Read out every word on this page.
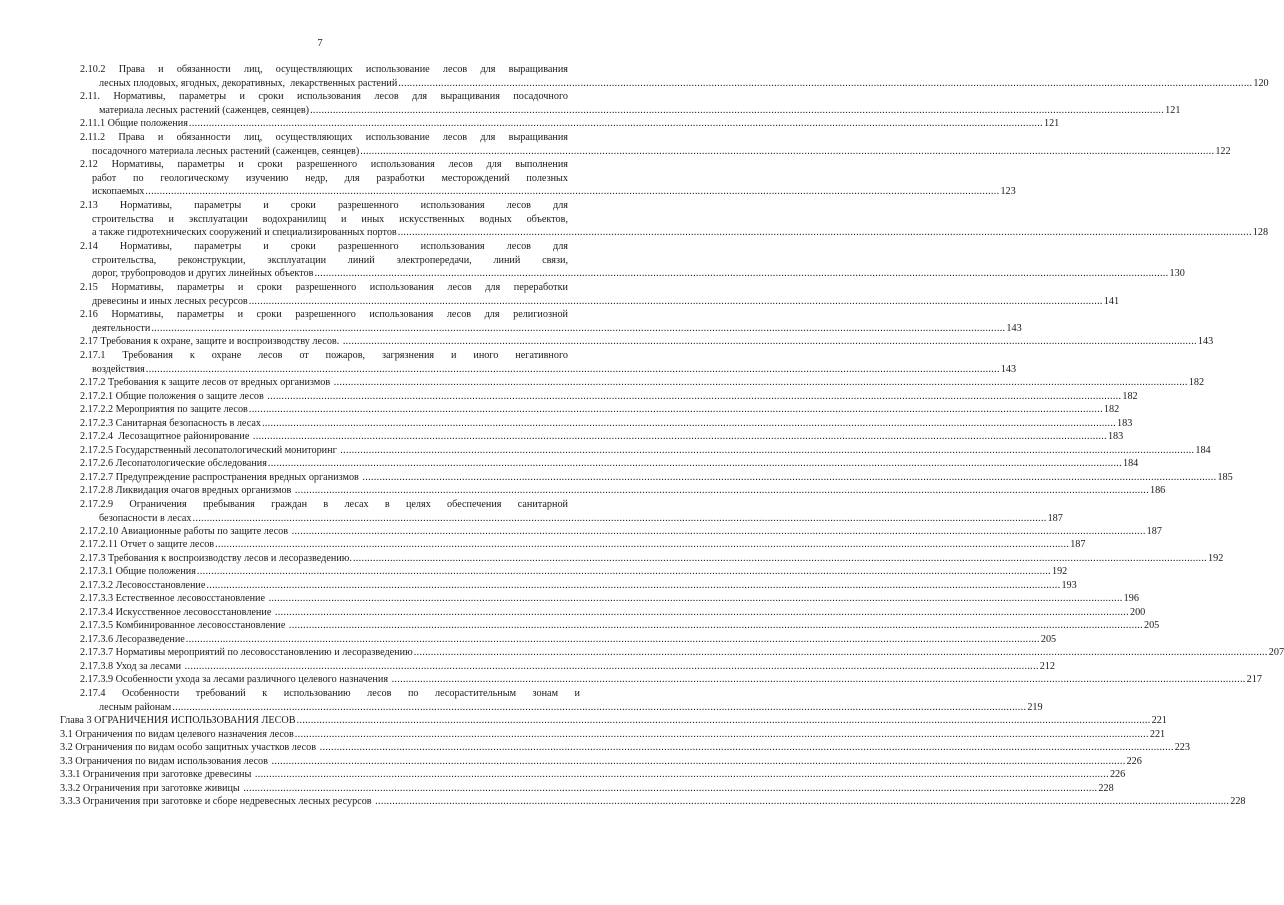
7
2.10.2 Права и обязанности лиц, осуществляющих использование лесов для выращивания
лесных плодовых, ягодных, декоративных,  лекарственных растений ............................................................................................................................................................................................................................................................................................................ 120
2.11. Нормативы, параметры и сроки использования лесов для выращивания посадочного
материала лесных растений (саженцев, сеянцев) ............................................................................................................................................................................................................................................................................................................ 121
2.11.1 Общие положения ............................................................................................................................................................................................................................................................................................................ 121
2.11.2 Права и обязанности лиц, осуществляющих использование лесов для выращивания
посадочного материала лесных растений (саженцев, сеянцев) ............................................................................................................................................................................................................................................................................................................ 122
2.12 Нормативы, параметры и сроки разрешенного использования лесов для выполнения
работ по геологическому изучению недр, для разработки месторождений полезных
ископаемых ............................................................................................................................................................................................................................................................................................................ 123
2.13 Нормативы, параметры и сроки разрешенного использования лесов для
строительства и эксплуатации водохранилищ и иных искусственных водных объектов,
а также гидротехнических сооружений и специализированных портов ............................................................................................................................................................................................................................................................................................................ 128
2.14 Нормативы, параметры и сроки разрешенного использования лесов для
строительства, реконструкции, эксплуатации линий электропередачи, линий связи,
дорог, трубопроводов и других линейных объектов ............................................................................................................................................................................................................................................................................................................ 130
2.15 Нормативы, параметры и сроки разрешенного использования лесов для переработки
древесины и иных лесных ресурсов ............................................................................................................................................................................................................................................................................................................ 141
2.16 Нормативы, параметры и сроки разрешенного использования лесов для религиозной
деятельности ............................................................................................................................................................................................................................................................................................................ 143
2.17 Требования к охране, защите и воспроизводству лесов. ............................................................................................................................................................................................................................................................................................................ 143
2.17.1 Требования к охране лесов от пожаров, загрязнения и иного негативного
воздействия ............................................................................................................................................................................................................................................................................................................ 143
2.17.2 Требования к защите лесов от вредных организмов ............................................................................................................................................................................................................................................................................................................ 182
2.17.2.1 Общие положения о защите лесов ............................................................................................................................................................................................................................................................................................................ 182
2.17.2.2 Мероприятия по защите лесов ............................................................................................................................................................................................................................................................................................................ 182
2.17.2.3 Санитарная безопасность в лесах ............................................................................................................................................................................................................................................................................................................ 183
2.17.2.4  Лесозащитное районирование ............................................................................................................................................................................................................................................................................................................ 183
2.17.2.5 Государственный лесопатологический мониторинг ............................................................................................................................................................................................................................................................................................................ 184
2.17.2.6 Лесопатологические обследования ............................................................................................................................................................................................................................................................................................................ 184
2.17.2.7 Предупреждение распространения вредных организмов ............................................................................................................................................................................................................................................................................................................ 185
2.17.2.8 Ликвидация очагов вредных организмов ............................................................................................................................................................................................................................................................................................................ 186
2.17.2.9 Ограничения пребывания граждан в лесах в целях обеспечения санитарной
безопасности в лесах ............................................................................................................................................................................................................................................................................................................ 187
2.17.2.10 Авиационные работы по защите лесов ............................................................................................................................................................................................................................................................................................................ 187
2.17.2.11 Отчет о защите лесов ............................................................................................................................................................................................................................................................................................................ 187
2.17.3 Требования к воспроизводству лесов и лесоразведению. ............................................................................................................................................................................................................................................................................................................ 192
2.17.3.1 Общие положения ............................................................................................................................................................................................................................................................................................................ 192
2.17.3.2 Лесовосстановление ............................................................................................................................................................................................................................................................................................................ 193
2.17.3.3 Естественное лесовосстановление ............................................................................................................................................................................................................................................................................................................ 196
2.17.3.4 Искусственное лесовосстановление ............................................................................................................................................................................................................................................................................................................ 200
2.17.3.5 Комбинированное лесовосстановление ............................................................................................................................................................................................................................................................................................................ 205
2.17.3.6 Лесоразведение ............................................................................................................................................................................................................................................................................................................ 205
2.17.3.7 Нормативы мероприятий по лесовосстановлению и лесоразведению ............................................................................................................................................................................................................................................................................................................ 207
2.17.3.8 Уход за лесами ............................................................................................................................................................................................................................................................................................................ 212
2.17.3.9 Особенности ухода за лесами различного целевого назначения ............................................................................................................................................................................................................................................................................................................ 217
2.17.4 Особенности требований к использованию лесов по лесорастительным зонам и
лесным районам ............................................................................................................................................................................................................................................................................................................ 219
Глава 3 ОГРАНИЧЕНИЯ ИСПОЛЬЗОВАНИЯ ЛЕСОВ ............................................................................................................................................................................................................................................................................................................ 221
3.1 Ограничения по видам целевого назначения лесов ............................................................................................................................................................................................................................................................................................................ 221
3.2 Ограничения по видам особо защитных участков лесов ............................................................................................................................................................................................................................................................................................................ 223
3.3 Ограничения по видам использования лесов ............................................................................................................................................................................................................................................................................................................ 226
3.3.1 Ограничения при заготовке древесины ............................................................................................................................................................................................................................................................................................................ 226
3.3.2 Ограничения при заготовке живицы ............................................................................................................................................................................................................................................................................................................ 228
3.3.3 Ограничения при заготовке и сборе недревесных лесных ресурсов ............................................................................................................................................................................................................................................................................................................ 228
